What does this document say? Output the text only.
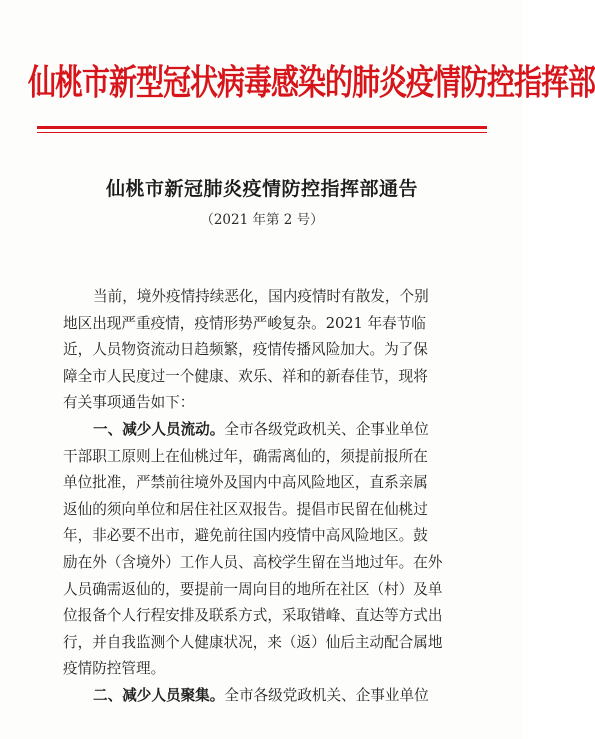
仙桃市新型冠状病毒感染的肺炎疫情防控指挥部
仙桃市新冠肺炎疫情防控指挥部通告
（2021 年第 2 号）
当前，境外疫情持续恶化，国内疫情时有散发，个别
地区出现严重疫情，疫情形势严峻复杂。2021 年春节临
近，人员物资流动日趋频繁，疫情传播风险加大。为了保
障全市人民度过一个健康、欢乐、祥和的新春佳节，现将
有关事项通告如下：
一、减少人员流动。全市各级党政机关、企事业单位
干部职工原则上在仙桃过年，确需离仙的，须提前报所在
单位批准，严禁前往境外及国内中高风险地区，直系亲属
返仙的须向单位和居住社区双报告。提倡市民留在仙桃过
年，非必要不出市，避免前往国内疫情中高风险地区。鼓
励在外（含境外）工作人员、高校学生留在当地过年。在外
人员确需返仙的，要提前一周向目的地所在社区（村）及单
位报备个人行程安排及联系方式，采取错峰、直达等方式出
行，并自我监测个人健康状况，来（返）仙后主动配合属地
疫情防控管理。
二、减少人员聚集。全市各级党政机关、企事业单位
